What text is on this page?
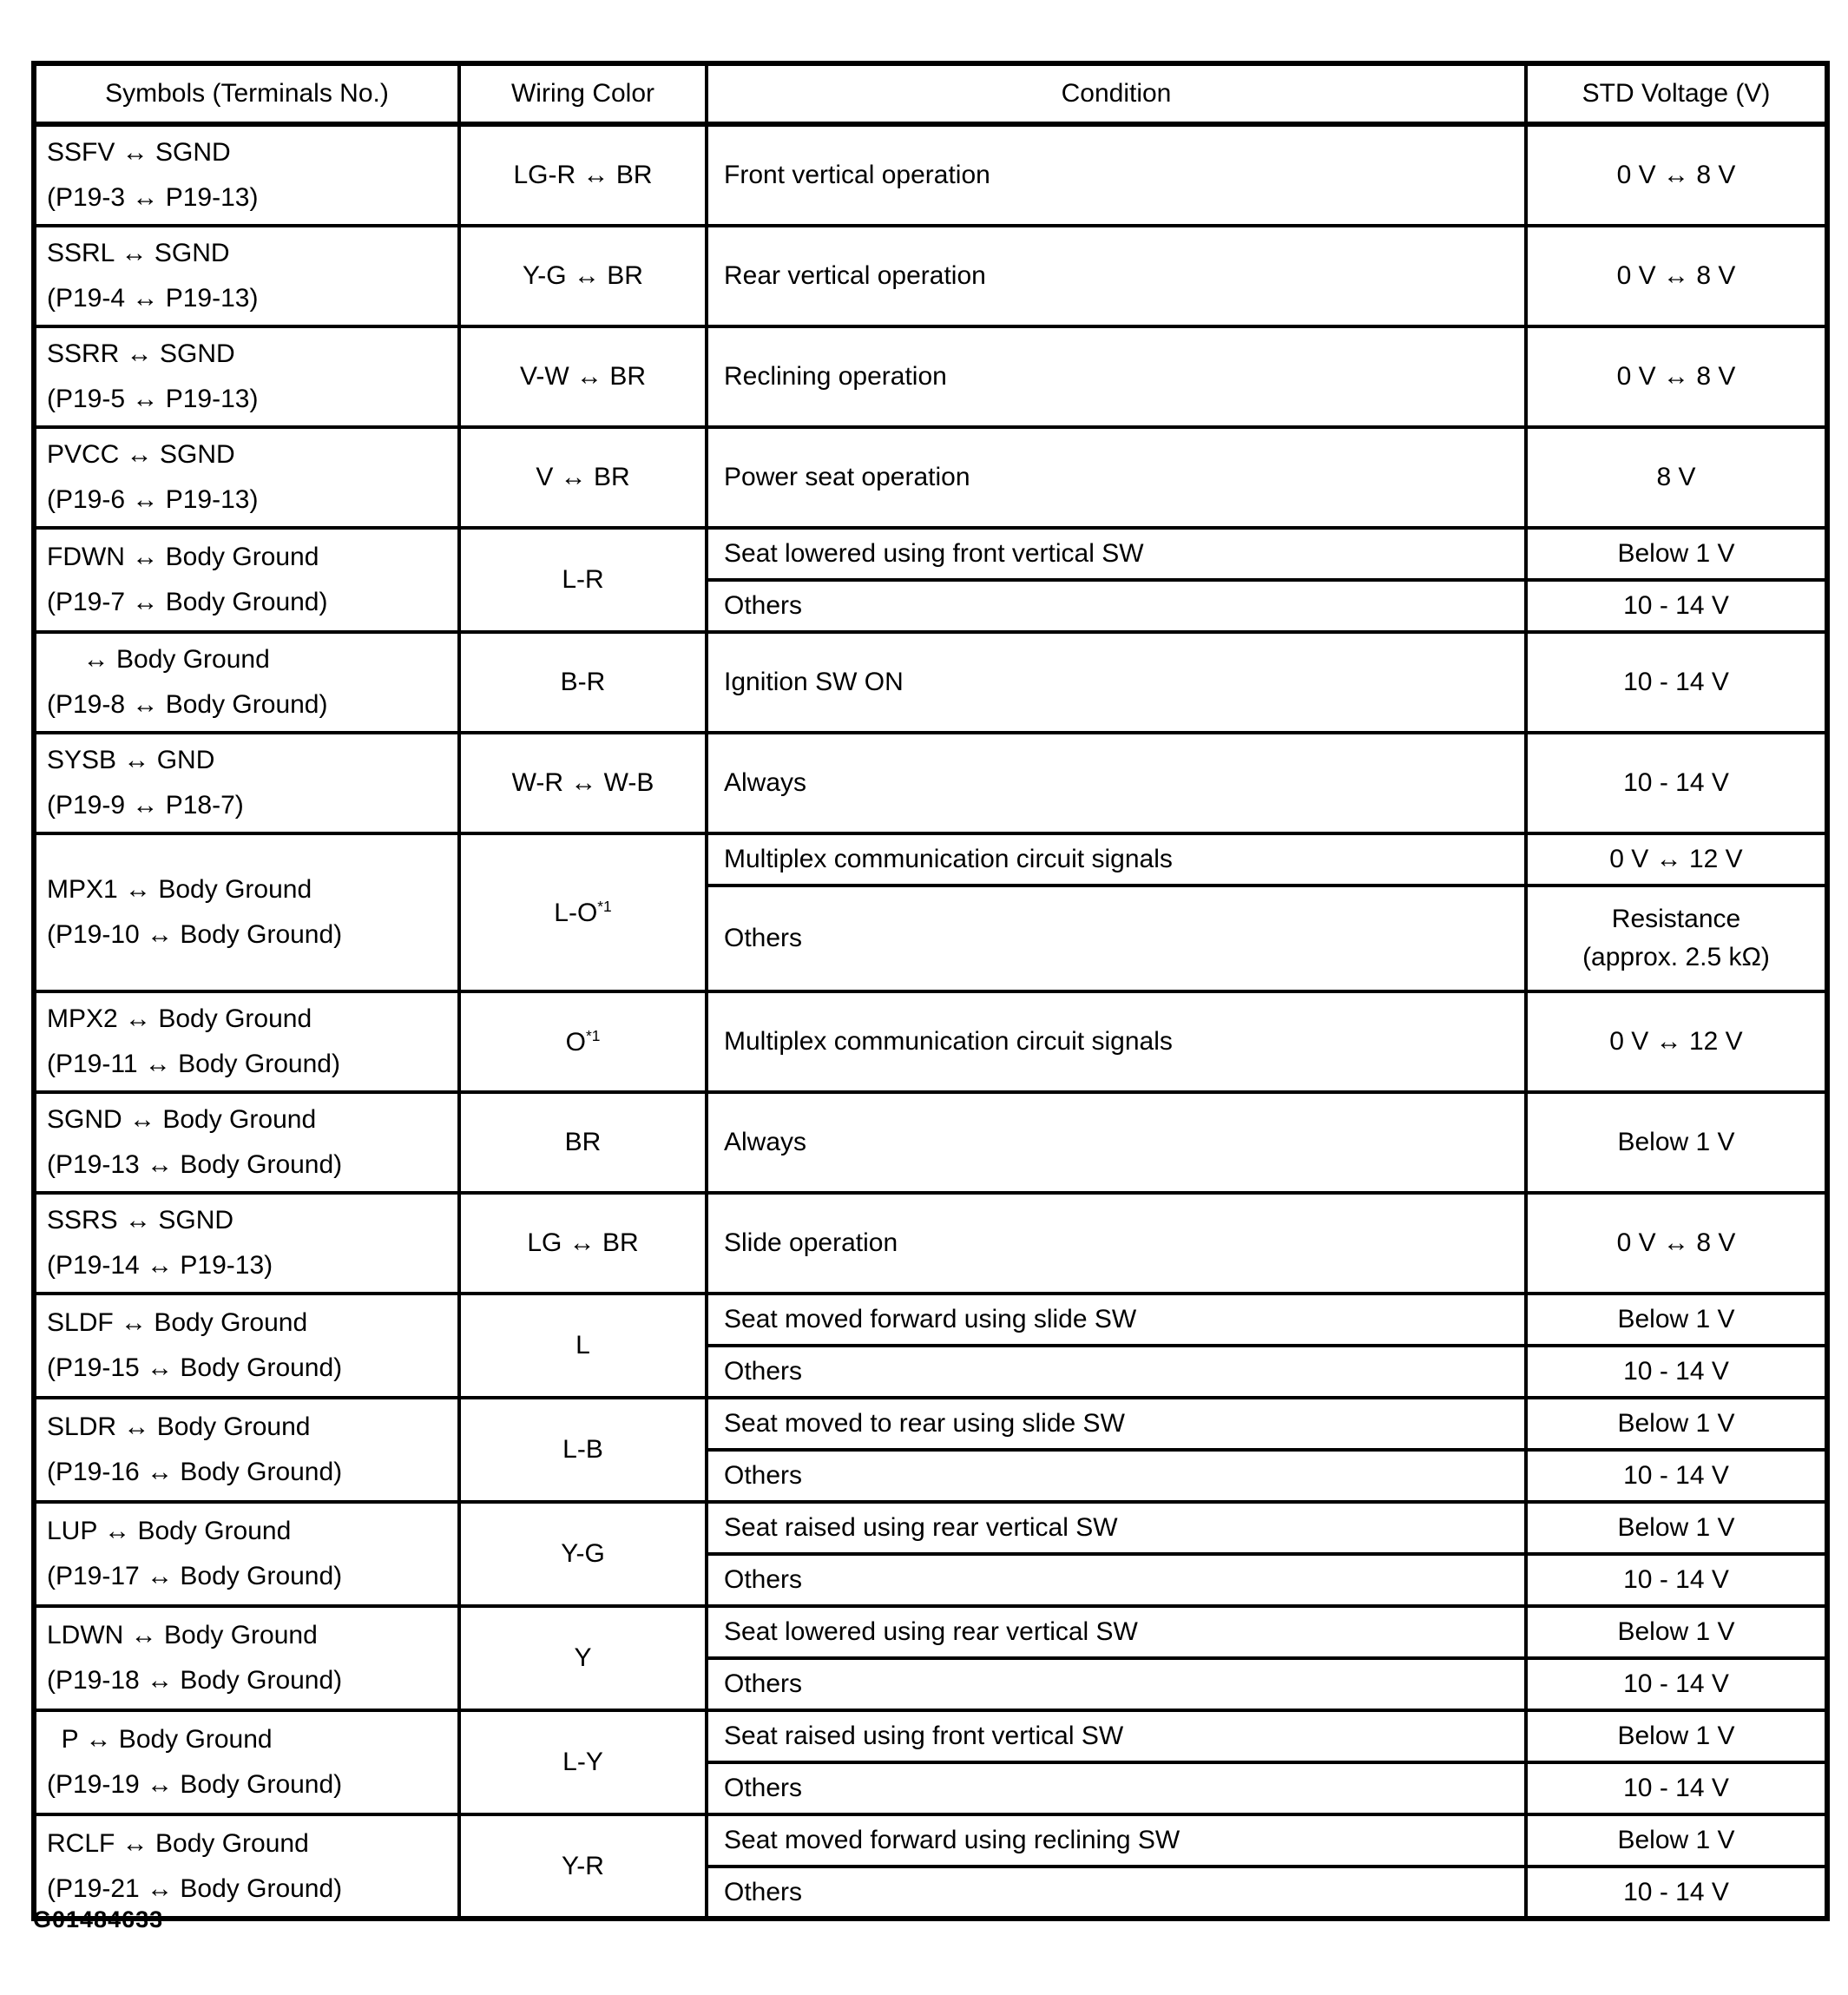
Symbols (Terminals No.)	Wiring Color	Condition	STD Voltage (V)

SSFV ↔ SGND
(P19-3 ↔ P19-13)	LG-R ↔ BR	Front vertical operation	0 V ↔ 8 V

SSRL ↔ SGND
(P19-4 ↔ P19-13)	Y-G ↔ BR	Rear vertical operation	0 V ↔ 8 V

SSRR ↔ SGND
(P19-5 ↔ P19-13)	V-W ↔ BR	Reclining operation	0 V ↔ 8 V

PVCC ↔ SGND
(P19-6 ↔ P19-13)	V ↔ BR	Power seat operation	8 V

FDWN ↔ Body Ground
(P19-7 ↔ Body Ground)	L-R	Seat lowered using front vertical SW	Below 1 V

		Others	10 - 14 V

↔ Body Ground
(P19-8 ↔ Body Ground)	B-R	Ignition SW ON	10 - 14 V

SYSB ↔ GND
(P19-9 ↔ P18-7)	W-R ↔ W-B	Always	10 - 14 V

MPX1 ↔ Body Ground
(P19-10 ↔ Body Ground)	$L-O^{*1}$	Multiplex communication circuit signals	0 V ↔ 12 V

		Others	Resistance
(approx. 2.5 kΩ)

MPX2 ↔ Body Ground
(P19-11 ↔ Body Ground)	$O^{*1}$	Multiplex communication circuit signals	0 V ↔ 12 V

SGND ↔ Body Ground
(P19-13 ↔ Body Ground)	BR	Always	Below 1 V

SSRS ↔ SGND
(P19-14 ↔ P19-13)	LG ↔ BR	Slide operation	0 V ↔ 8 V

SLDF ↔ Body Ground
(P19-15 ↔ Body Ground)	L	Seat moved forward using slide SW	Below 1 V

		Others	10 - 14 V

SLDR ↔ Body Ground
(P19-16 ↔ Body Ground)	L-B	Seat moved to rear using slide SW	Below 1 V

		Others	10 - 14 V

LUP ↔ Body Ground
(P19-17 ↔ Body Ground)	Y-G	Seat raised using rear vertical SW	Below 1 V

		Others	10 - 14 V

LDWN ↔ Body Ground
(P19-18 ↔ Body Ground)	Y	Seat lowered using rear vertical SW	Below 1 V

		Others	10 - 14 V

P ↔ Body Ground
(P19-19 ↔ Body Ground)	L-Y	Seat raised using front vertical SW	Below 1 V

		Others	10 - 14 V

RCLF ↔ Body Ground
(P19-21 ↔ Body Ground)	Y-R	Seat moved forward using reclining SW	Below 1 V

		Others	10 - 14 V
G01484633
